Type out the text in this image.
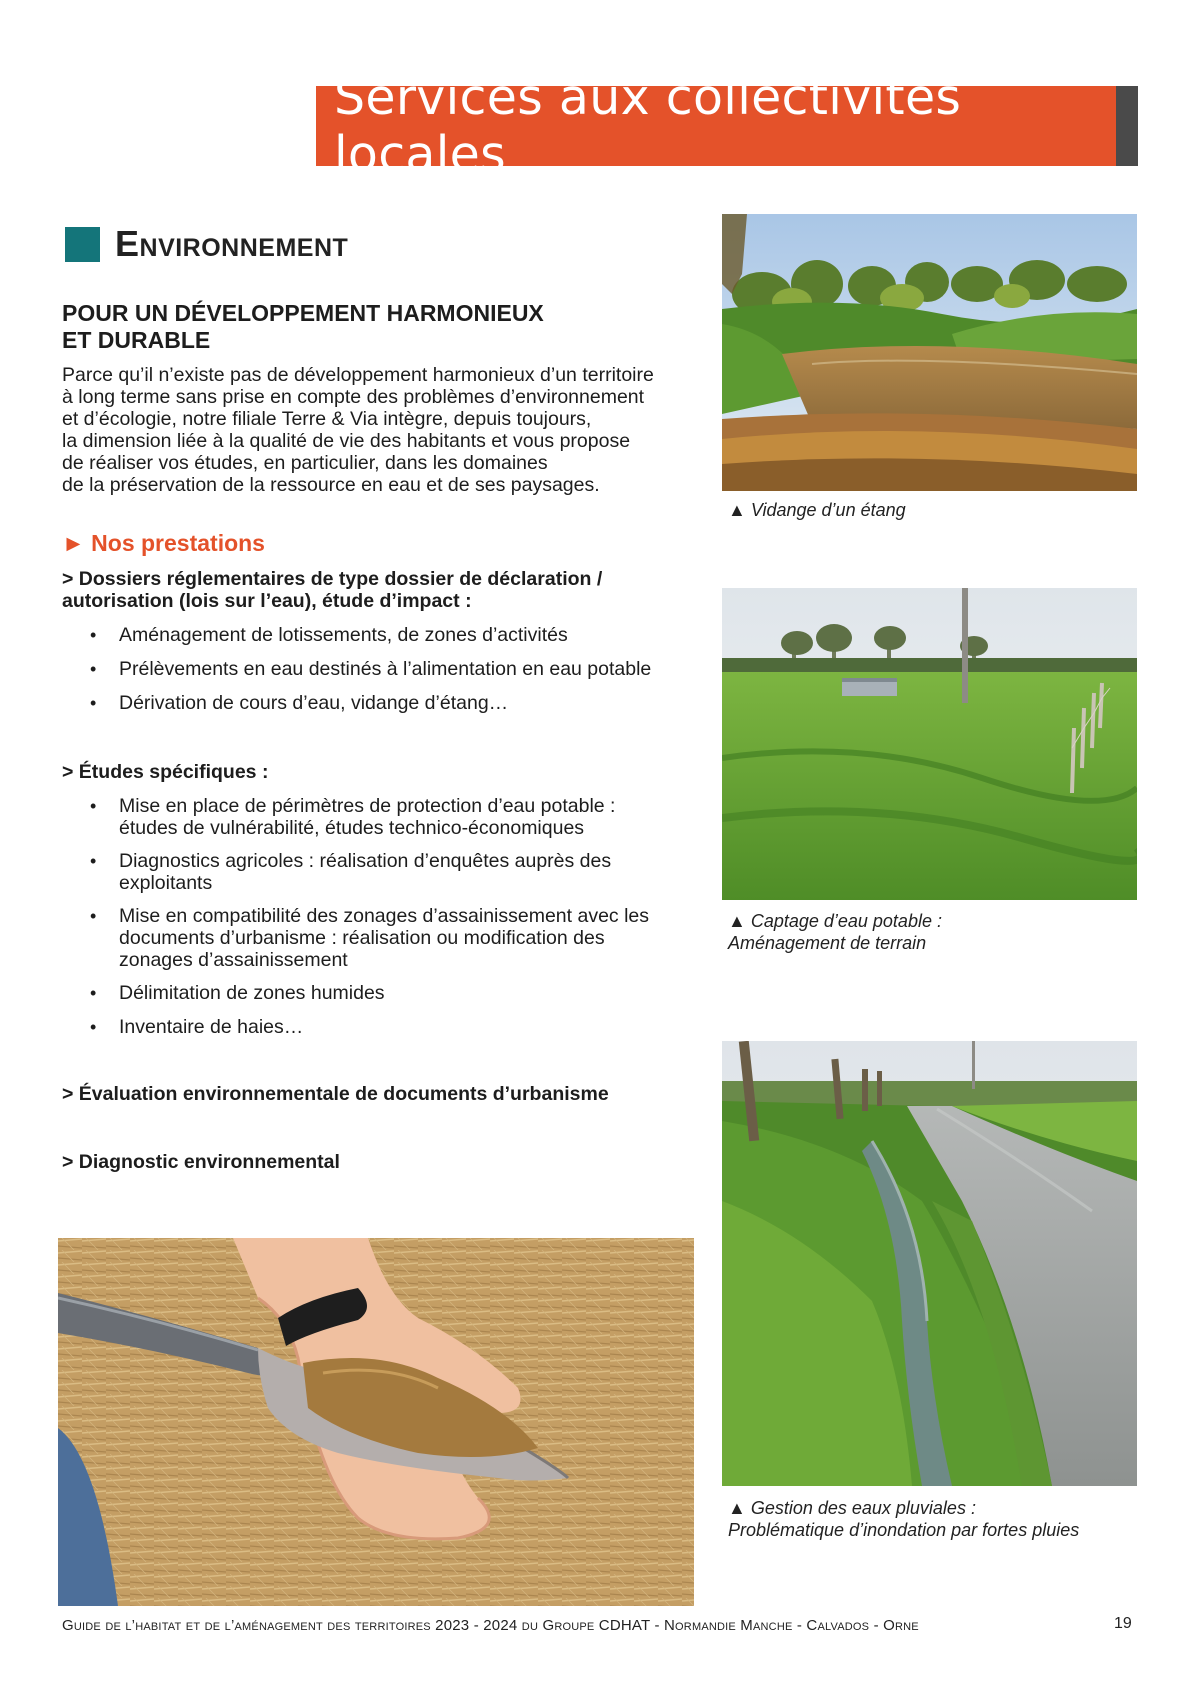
Services aux collectivités locales
Environnement
POUR UN DÉVELOPPEMENT HARMONIEUX
ET DURABLE
Parce qu’il n’existe pas de développement harmonieux d’un territoire
à long terme sans prise en compte des problèmes d’environnement
et d’écologie, notre filiale Terre & Via intègre, depuis toujours,
la dimension liée à la qualité de vie des habitants et vous propose
de réaliser vos études, en particulier, dans les domaines
de la préservation de la ressource en eau et de ses paysages.
► Nos prestations
> Dossiers réglementaires de type dossier de déclaration / autorisation (lois sur l’eau), étude d’impact :
• Aménagement de lotissements, de zones d’activités
• Prélèvements en eau destinés à l’alimentation en eau potable
• Dérivation de cours d’eau, vidange d’étang…
> Études spécifiques :
• Mise en place de périmètres de protection d’eau potable : études de vulnérabilité, études technico-économiques
• Diagnostics agricoles : réalisation d’enquêtes auprès des exploitants
• Mise en compatibilité des zonages d’assainissement avec les documents d’urbanisme : réalisation ou modification des zonages d’assainissement
• Délimitation de zones humides
• Inventaire de haies…
> Évaluation environnementale de documents d’urbanisme
> Diagnostic environnemental
▲ Vidange d’un étang
▲ Captage d’eau potable :
Aménagement de terrain
▲ Gestion des eaux pluviales :
Problématique d’inondation par fortes pluies
Guide de l’habitat et de l’aménagement des territoires 2023 - 2024 du Groupe CDHAT - Normandie Manche - Calvados - Orne	19
